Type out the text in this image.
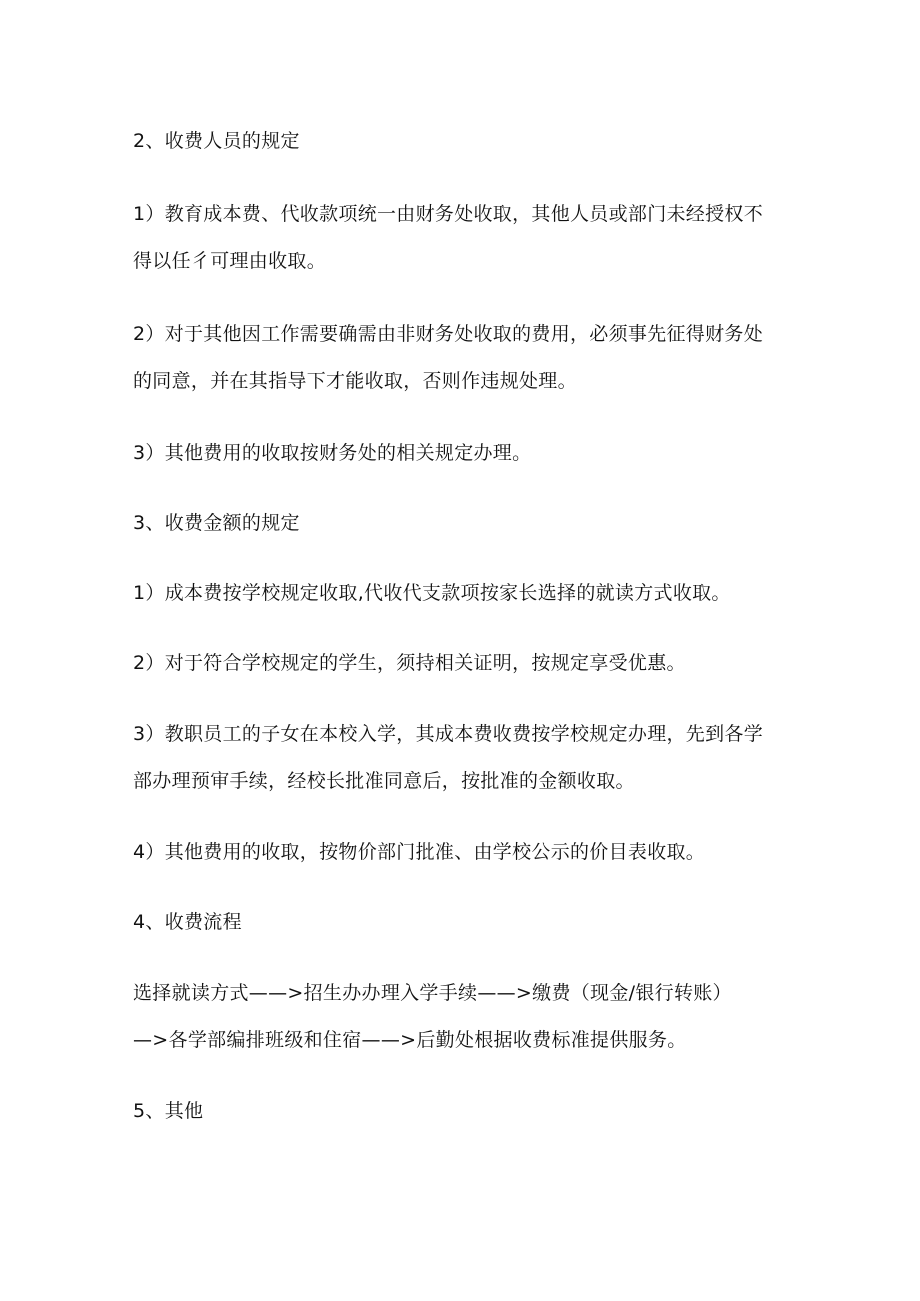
2、收费人员的规定
1）教育成本费、代收款项统一由财务处收取，其他人员或部门未经授权不
得以任彳可理由收取。
2）对于其他因工作需要确需由非财务处收取的费用，必须事先征得财务处
的同意，并在其指导下才能收取，否则作违规处理。
3）其他费用的收取按财务处的相关规定办理。
3、收费金额的规定
1）成本费按学校规定收取,代收代支款项按家长选择的就读方式收取。
2）对于符合学校规定的学生，须持相关证明，按规定享受优惠。
3）教职员工的子女在本校入学，其成本费收费按学校规定办理，先到各学
部办理预审手续，经校长批准同意后，按批准的金额收取。
4）其他费用的收取，按物价部门批准、由学校公示的价目表收取。
4、收费流程
选择就读方式——>招生办办理入学手续——>缴费（现金/银行转账）
—>各学部编排班级和住宿——>后勤处根据收费标准提供服务。
5、其他
